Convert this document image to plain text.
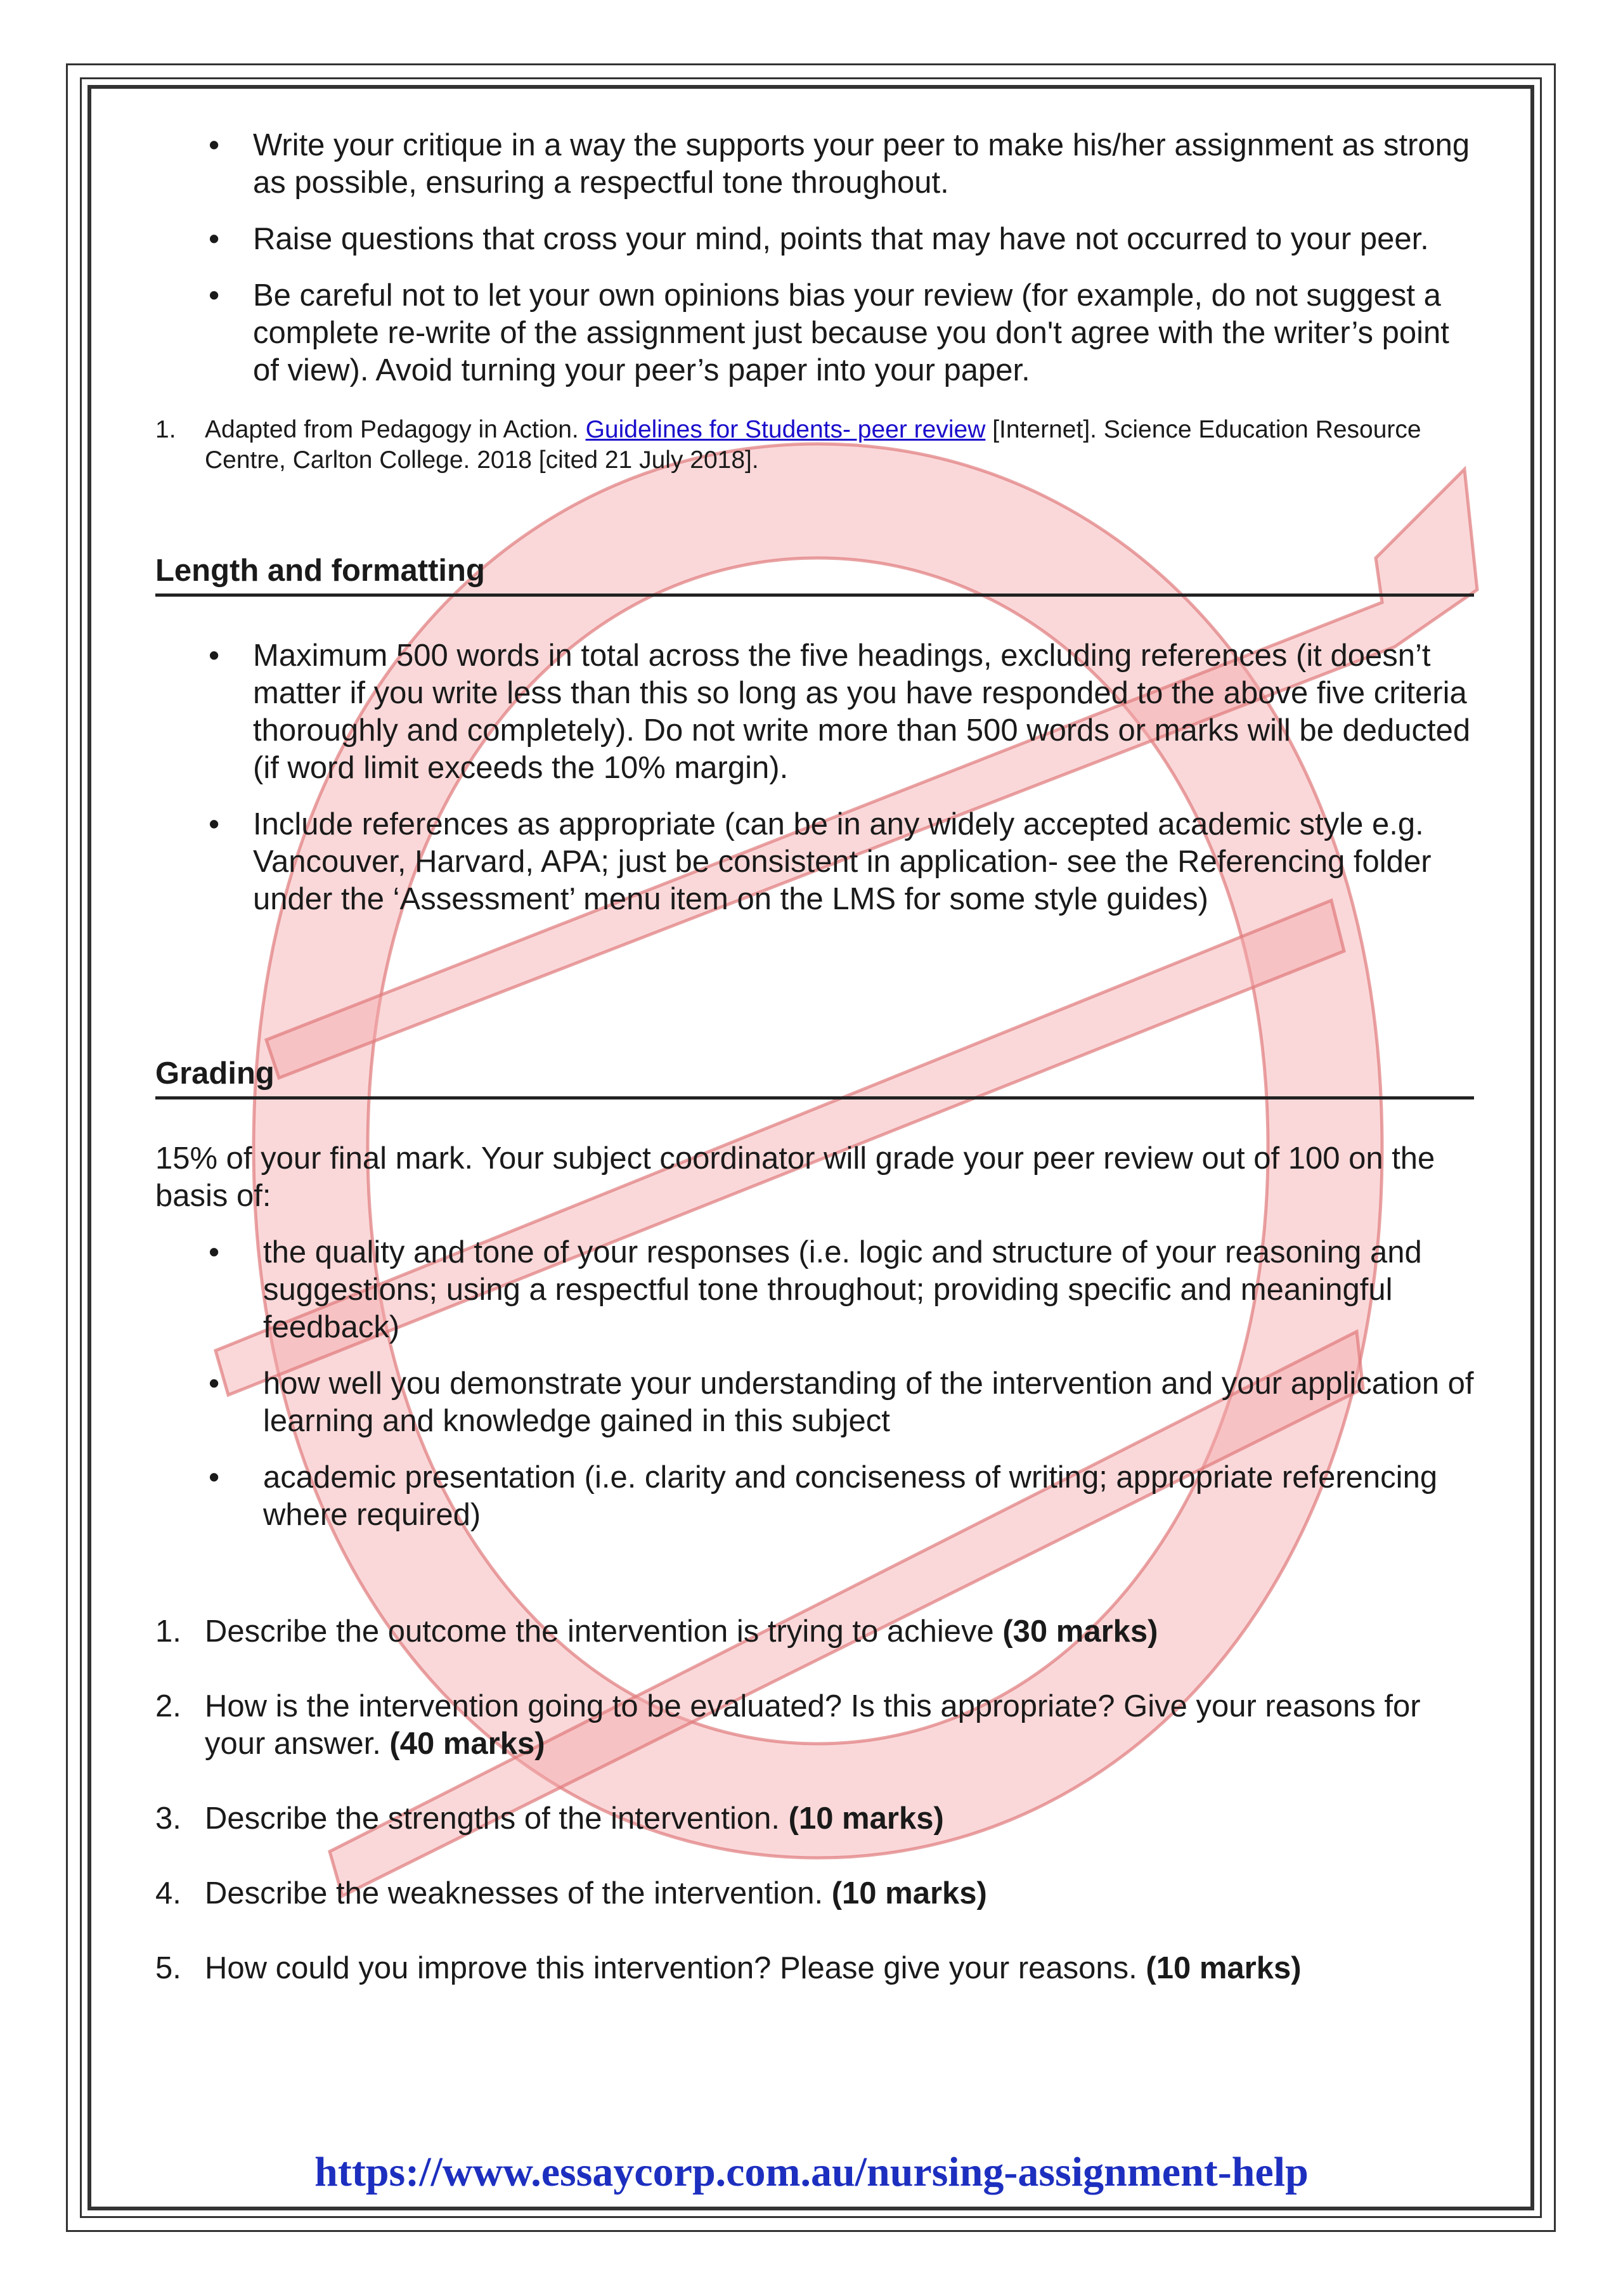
• Write your critique in a way the supports your peer to make his/her assignment as strong as possible, ensuring a respectful tone throughout.
• Raise questions that cross your mind, points that may have not occurred to your peer.
• Be careful not to let your own opinions bias your review (for example, do not suggest a complete re-write of the assignment just because you don't agree with the writer’s point of view). Avoid turning your peer’s paper into your paper.
1. Adapted from Pedagogy in Action. Guidelines for Students- peer review [Internet]. Science Education Resource Centre, Carlton College. 2018 [cited 21 July 2018].
Length and formatting
• Maximum 500 words in total across the five headings, excluding references (it doesn’t matter if you write less than this so long as you have responded to the above five criteria thoroughly and completely). Do not write more than 500 words or marks will be deducted (if word limit exceeds the 10% margin).
• Include references as appropriate (can be in any widely accepted academic style e.g. Vancouver, Harvard, APA; just be consistent in application- see the Referencing folder under the ‘Assessment’ menu item on the LMS for some style guides)
Grading
15% of your final mark. Your subject coordinator will grade your peer review out of 100 on the basis of:
• the quality and tone of your responses (i.e. logic and structure of your reasoning and suggestions; using a respectful tone throughout; providing specific and meaningful feedback)
• how well you demonstrate your understanding of the intervention and your application of learning and knowledge gained in this subject
• academic presentation (i.e. clarity and conciseness of writing; appropriate referencing where required)
1. Describe the outcome the intervention is trying to achieve (30 marks)
2. How is the intervention going to be evaluated? Is this appropriate? Give your reasons for your answer. (40 marks)
3. Describe the strengths of the intervention. (10 marks)
4. Describe the weaknesses of the intervention. (10 marks)
5. How could you improve this intervention? Please give your reasons. (10 marks)
https://www.essaycorp.com.au/nursing-assignment-help
